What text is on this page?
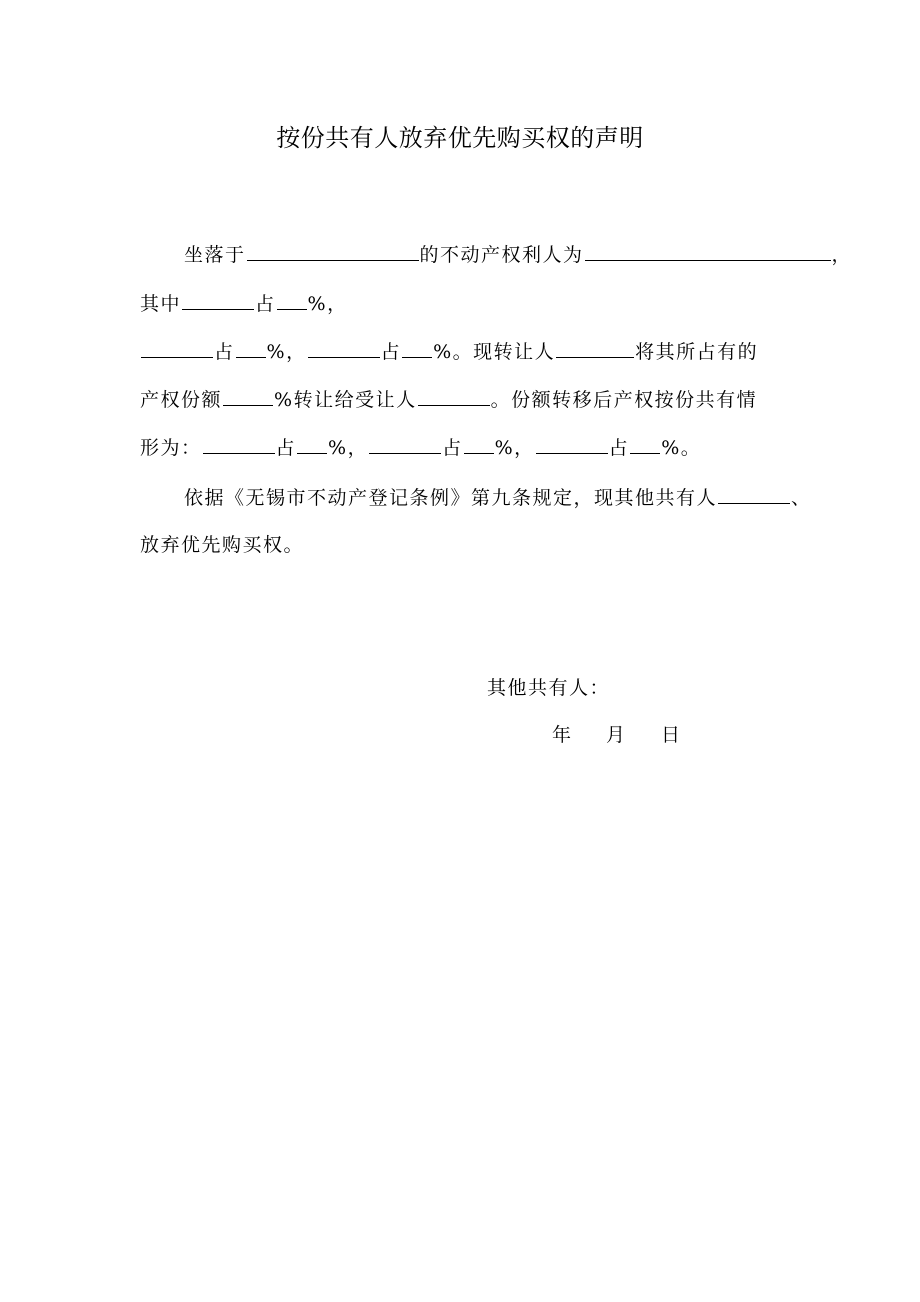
按份共有人放弃优先购买权的声明
坐落于	的不动产权利人为	，
其中	占 %，
占 %，	占 %。现转让人	将其所占有的
产权份额	%转让给受让人	。份额转移后产权按份共有情
形为：	占 %，	占 %，	占 %。
依据《无锡市不动产登记条例》第九条规定，现其他共有人	、
放弃优先购买权。
其他共有人：
年 月 日
